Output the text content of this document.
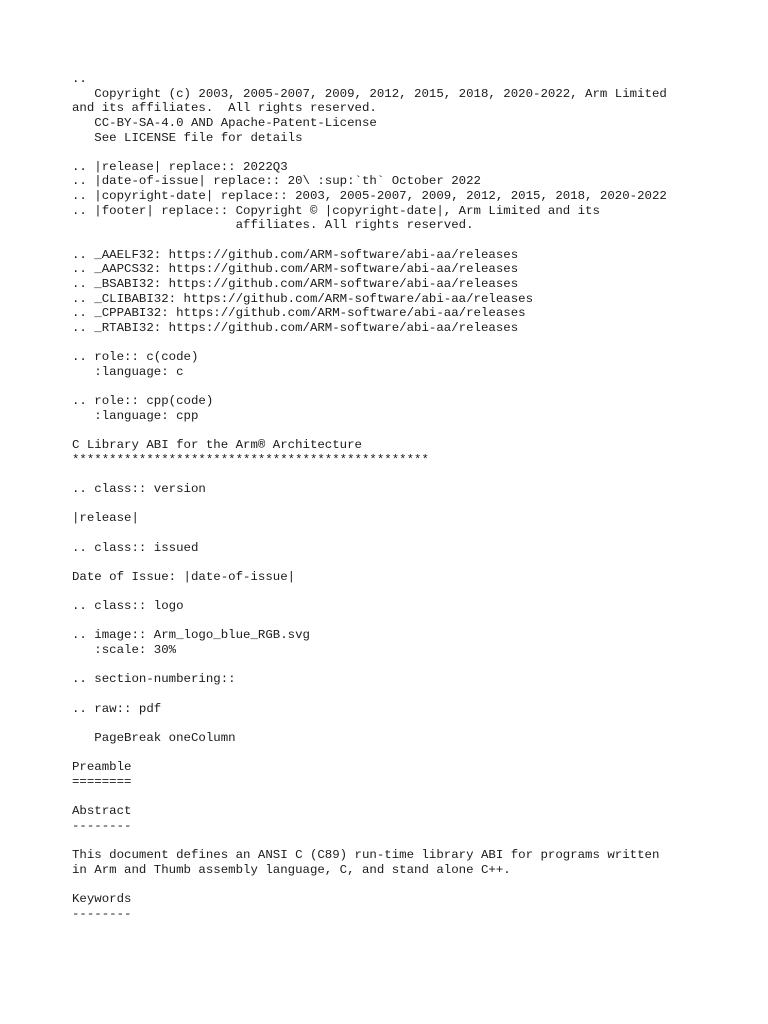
..
Copyright (c) 2003, 2005-2007, 2009, 2012, 2015, 2018, 2020-2022, Arm Limited
and its affiliates.  All rights reserved.
CC-BY-SA-4.0 AND Apache-Patent-License
See LICENSE file for details
.. |release| replace:: 2022Q3
.. |date-of-issue| replace:: 20\ :sup:`th` October 2022
.. |copyright-date| replace:: 2003, 2005-2007, 2009, 2012, 2015, 2018, 2020-2022
.. |footer| replace:: Copyright © |copyright-date|, Arm Limited and its
affiliates. All rights reserved.
.. _AAELF32: https://github.com/ARM-software/abi-aa/releases
.. _AAPCS32: https://github.com/ARM-software/abi-aa/releases
.. _BSABI32: https://github.com/ARM-software/abi-aa/releases
.. _CLIBABI32: https://github.com/ARM-software/abi-aa/releases
.. _CPPABI32: https://github.com/ARM-software/abi-aa/releases
.. _RTABI32: https://github.com/ARM-software/abi-aa/releases
.. role:: c(code)
:language: c
.. role:: cpp(code)
:language: cpp
C Library ABI for the Arm® Architecture
************************************************
.. class:: version
|release|
.. class:: issued
Date of Issue: |date-of-issue|
.. class:: logo
.. image:: Arm_logo_blue_RGB.svg
:scale: 30%
.. section-numbering::
.. raw:: pdf
PageBreak oneColumn
Preamble
========
Abstract
--------
This document defines an ANSI C (C89) run-time library ABI for programs written
in Arm and Thumb assembly language, C, and stand alone C++.
Keywords
--------
